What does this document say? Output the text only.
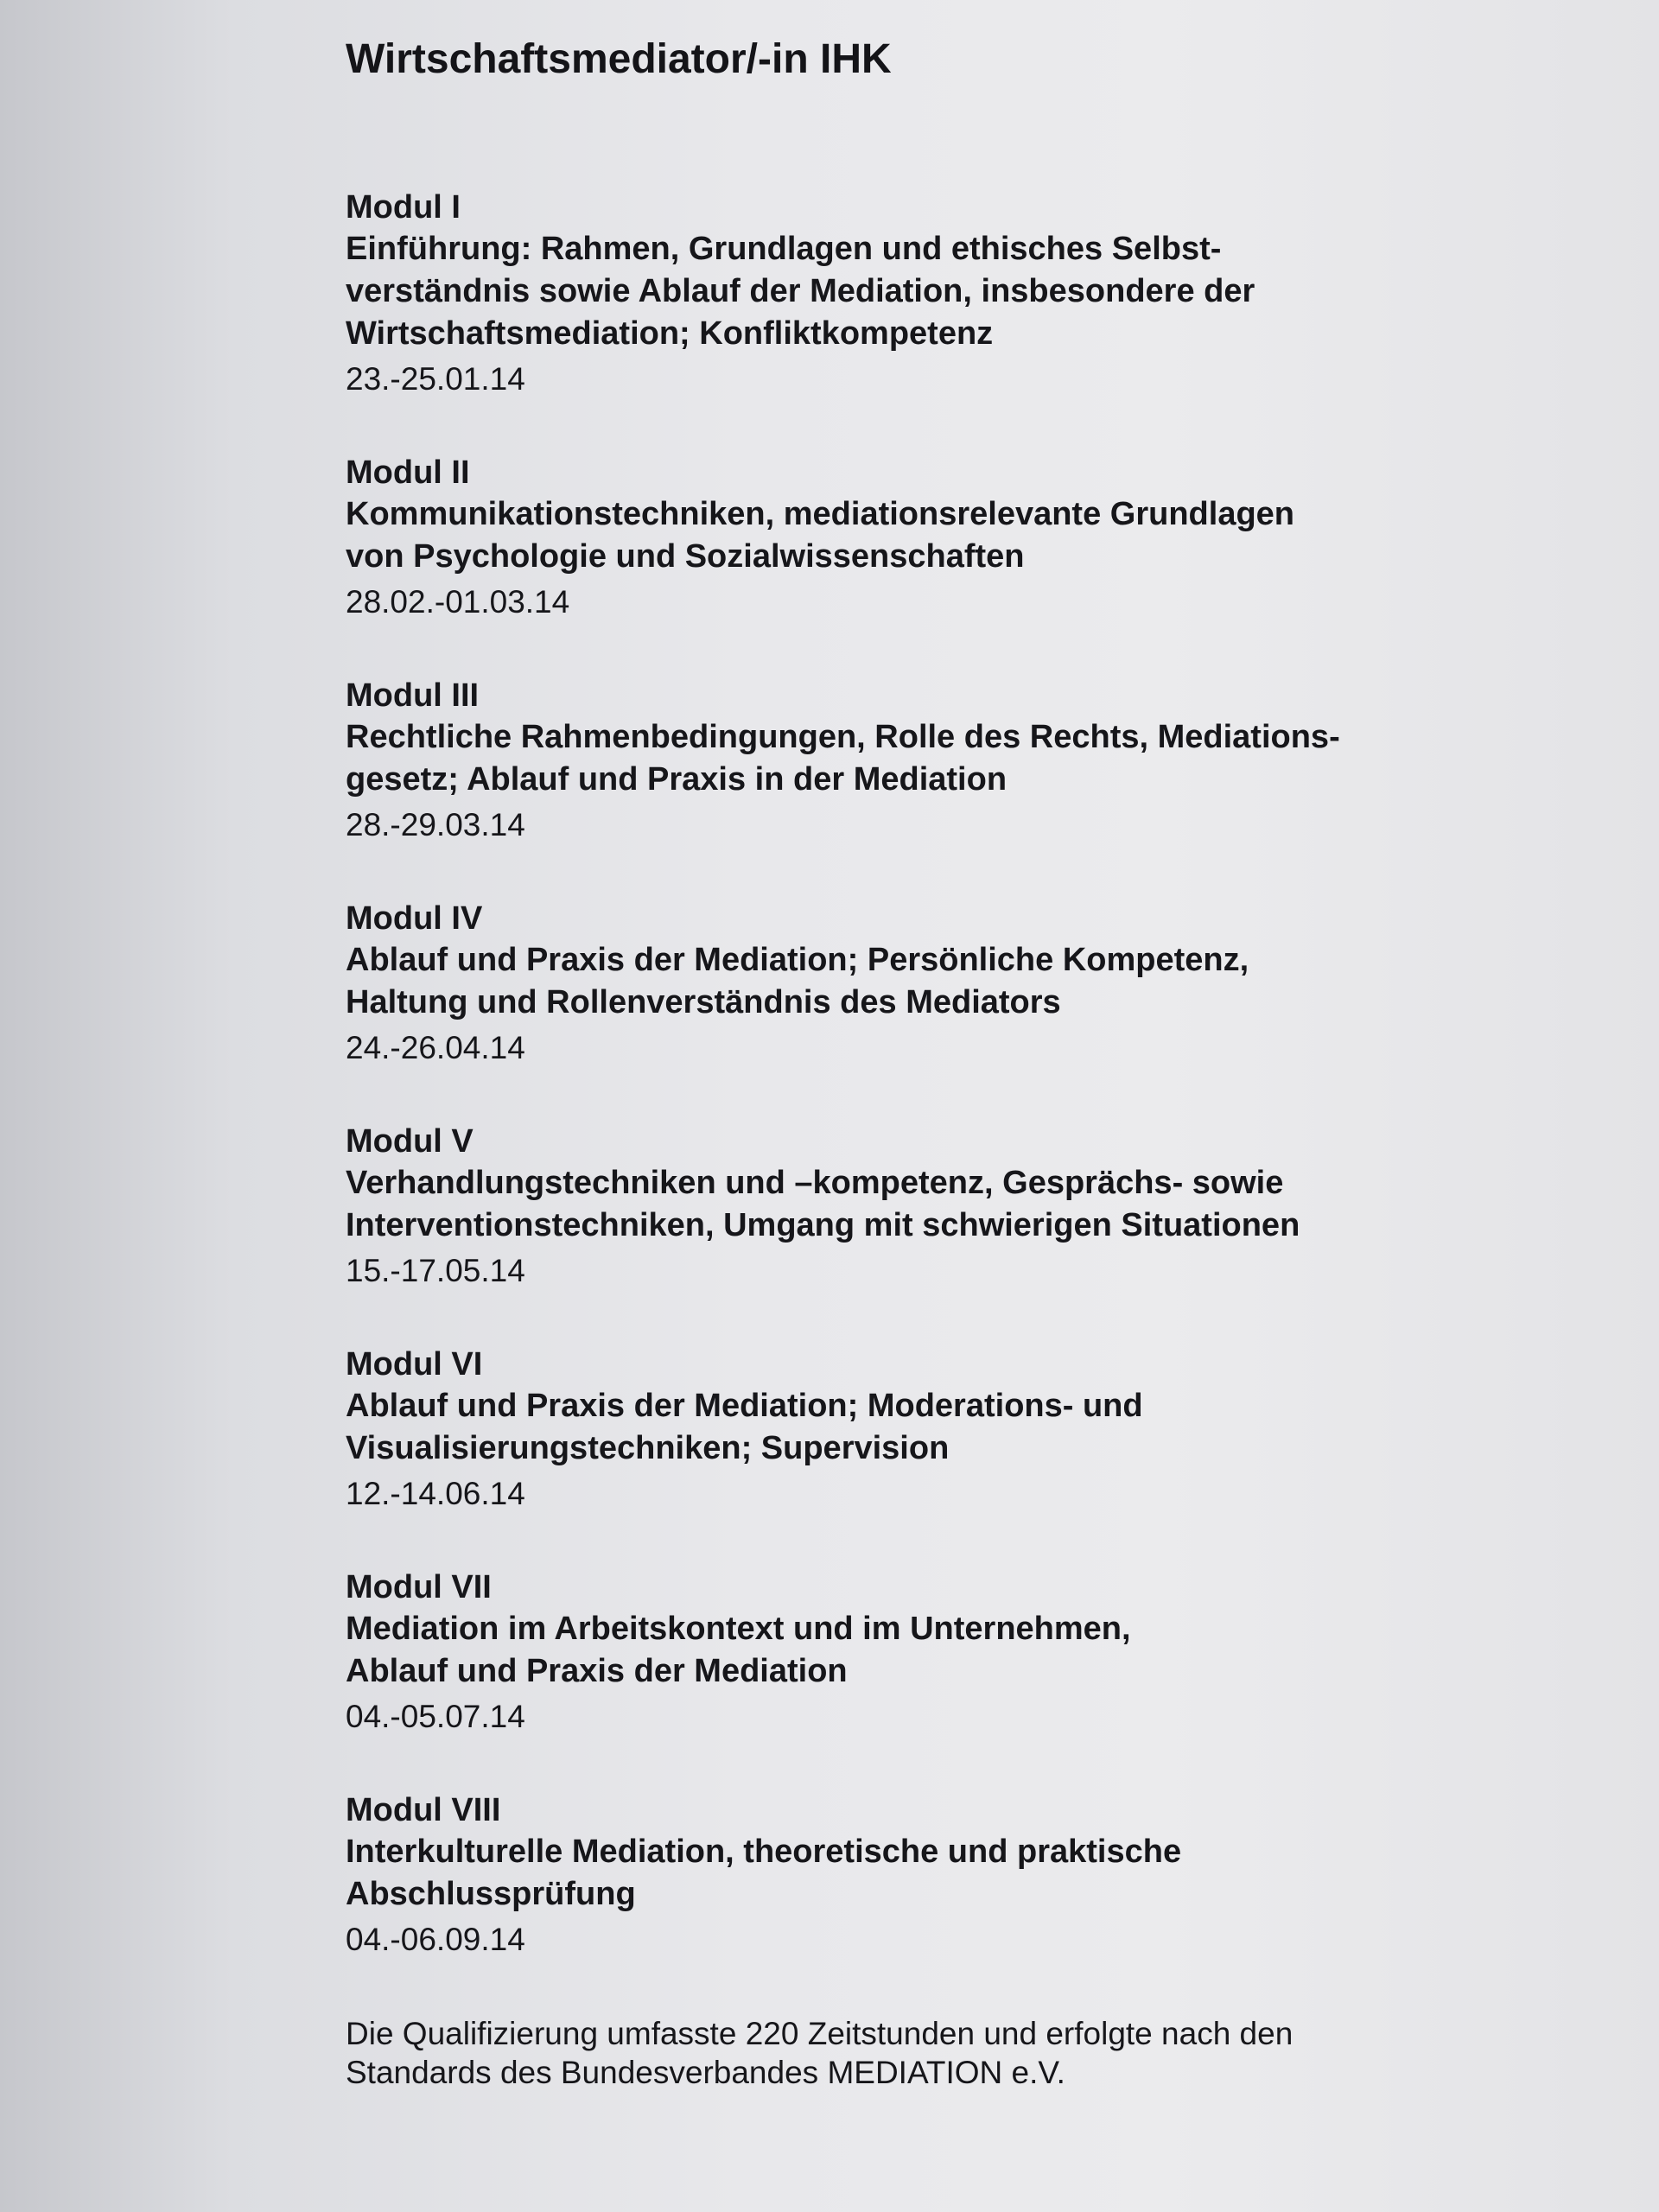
Wirtschaftsmediator/-in IHK
Modul I
Einführung: Rahmen, Grundlagen und ethisches Selbst-
verständnis sowie Ablauf der Mediation, insbesondere der
Wirtschaftsmediation; Konfliktkompetenz
23.-25.01.14
Modul II
Kommunikationstechniken, mediationsrelevante Grundlagen
von Psychologie und Sozialwissenschaften
28.02.-01.03.14
Modul III
Rechtliche Rahmenbedingungen, Rolle des Rechts, Mediations-
gesetz; Ablauf und Praxis in der Mediation
28.-29.03.14
Modul IV
Ablauf und Praxis der Mediation; Persönliche Kompetenz,
Haltung und Rollenverständnis des Mediators
24.-26.04.14
Modul V
Verhandlungstechniken und –kompetenz, Gesprächs- sowie
Interventionstechniken, Umgang mit schwierigen Situationen
15.-17.05.14
Modul VI
Ablauf und Praxis der Mediation; Moderations- und
Visualisierungstechniken; Supervision
12.-14.06.14
Modul VII
Mediation im Arbeitskontext und im Unternehmen,
Ablauf und Praxis der Mediation
04.-05.07.14
Modul VIII
Interkulturelle Mediation, theoretische und praktische
Abschlussprüfung
04.-06.09.14
Die Qualifizierung umfasste 220 Zeitstunden und erfolgte nach den
Standards des Bundesverbandes MEDIATION e.V.
